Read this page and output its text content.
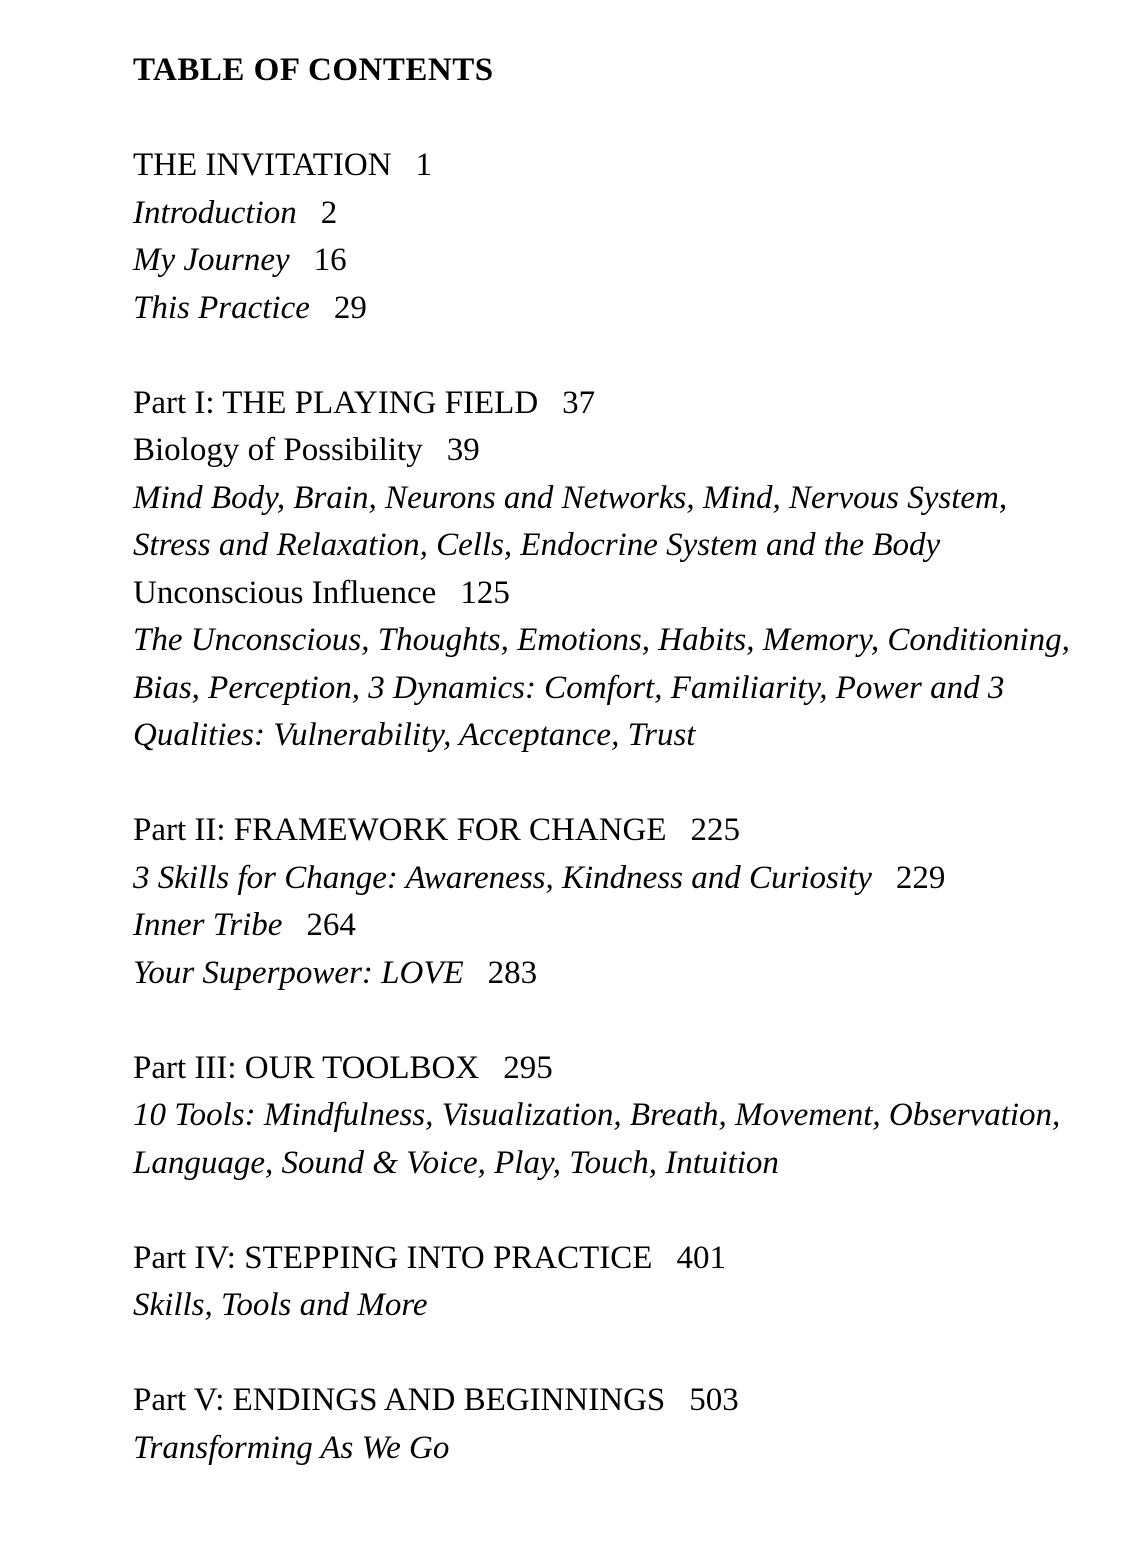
TABLE OF CONTENTS
THE INVITATION 1
Introduction 2
My Journey 16
This Practice 29
Part I: THE PLAYING FIELD 37
Biology of Possibility 39
Mind Body, Brain, Neurons and Networks, Mind, Nervous System,
Stress and Relaxation, Cells, Endocrine System and the Body
Unconscious Influence 125
The Unconscious, Thoughts, Emotions, Habits, Memory, Conditioning,
Bias, Perception, 3 Dynamics: Comfort, Familiarity, Power and 3
Qualities: Vulnerability, Acceptance, Trust
Part II: FRAMEWORK FOR CHANGE 225
3 Skills for Change: Awareness, Kindness and Curiosity 229
Inner Tribe 264
Your Superpower: LOVE 283
Part III: OUR TOOLBOX 295
10 Tools: Mindfulness, Visualization, Breath, Movement, Observation,
Language, Sound & Voice, Play, Touch, Intuition
Part IV: STEPPING INTO PRACTICE 401
Skills, Tools and More
Part V: ENDINGS AND BEGINNINGS 503
Transforming As We Go
